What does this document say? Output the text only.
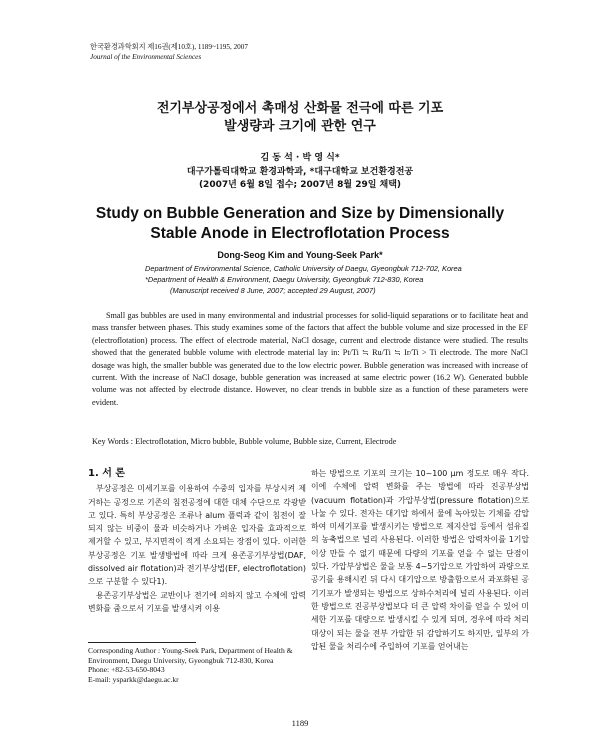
한국환경과학회지 제16권(제10호), 1189~1195, 2007
Journal of the Environmental Sciences
전기부상공정에서 촉매성 산화물 전극에 따른 기포
발생량과 크기에 관한 연구
김 동 석 · 박 영 식*
대구가톨릭대학교 환경과학과, *대구대학교 보건환경전공
(2007년 6월 8일 접수; 2007년 8월 29일 채택)
Study on Bubble Generation and Size by Dimensionally
Stable Anode in Electroflotation Process
Dong-Seog Kim and Young-Seek Park*
Department of Environmental Science, Catholic University of Daegu, Gyeongbuk 712-702, Korea
*Department of Health & Environment, Daegu University, Gyeongbuk 712-830, Korea
(Manuscript received 8 June, 2007; accepted 29 August, 2007)
Small gas bubbles are used in many environmental and industrial processes for solid-liquid separations or to facilitate heat and mass transfer between phases. This study examines some of the factors that affect the bubble volume and size processed in the EF (electroflotation) process. The effect of electrode material, NaCl dosage, current and electrode distance were studied. The results showed that the generated bubble volume with electrode material lay in: Pt/Ti ≒ Ru/Ti ≒ Ir/Ti > Ti electrode. The more NaCl dosage was high, the smaller bubble was generated due to the low electric power. Bubble generation was increased with increase of current. With the increase of NaCl dosage, bubble generation was increased at same electric power (16.2 W). Generated bubble volume was not affected by electrode distance. However, no clear trends in bubble size as a function of these parameters were evident.
Key Words : Electroflotation, Micro bubble, Bubble volume, Bubble size, Current, Electrode
1. 서 론

부상공정은 미세기포를 이용하여 수중의 입자를 부상시켜 제거하는 공정으로 기존의 침전공정에 대한 대체 수단으로 각광받고 있다. 특히 부상공정은 조류나 alum 플럭과 같이 침전이 잘되지 않는 비중이 물과 비슷하거나 가벼운 입자를 효과적으로 제거할 수 있고, 부지면적이 적게 소요되는 장점이 있다. 이러한 부상공정은 기포 발생방법에 따라 크게 용존공기부상법(DAF, dissolved air flotation)과 전기부상법(EF, electroflotation)으로 구분할 수 있다1).

용존공기부상법은 교반이나 전기에 의하지 않고 수체에 압력변화를 줌으로서 기포를 발생시켜 이용

하는 방법으로 기포의 크기는 10~100 μm 정도로 매우 작다. 이에 수체에 압력 변화를 주는 방법에 따라 진공부상법(vacuum flotation)과 가압부상법(pressure flotation)으로 나눌 수 있다. 전자는 대기압 하에서 물에 녹아있는 기체를 감압하여 미세기포를 발생시키는 방법으로 제지산업 등에서 섬유질의 농축법으로 널리 사용된다. 이러한 방법은 압력차이를 1기압 이상 만들 수 없기 때문에 다량의 기포를 얻을 수 없는 단점이 있다. 가압부상법은 물을 보통 4~5기압으로 가압하여 과량으로 공기를 용해시킨 뒤 다시 대기압으로 방출함으로서 과포화된 공기기포가 발생되는 방법으로 상하수처리에 널리 사용된다. 이러한 방법으로 진공부상법보다 더 큰 압력 차이를 얻을 수 있어 미세한 기포를 대량으로 발생시킬 수 있게 되며, 경우에 따라 처리대상이 되는 물을 전부 가압한 뒤 감압하기도 하지만, 일부의 가압된 물을 처리수에 주입하여 기포를 얻어내는

Corresponding Author : Young-Seek Park, Department of Health & Environment, Daegu University, Gyeongbuk 712-830, Korea
Phone: +82-53-650-8043
E-mail: ysparkk@daegu.ac.kr
1189
